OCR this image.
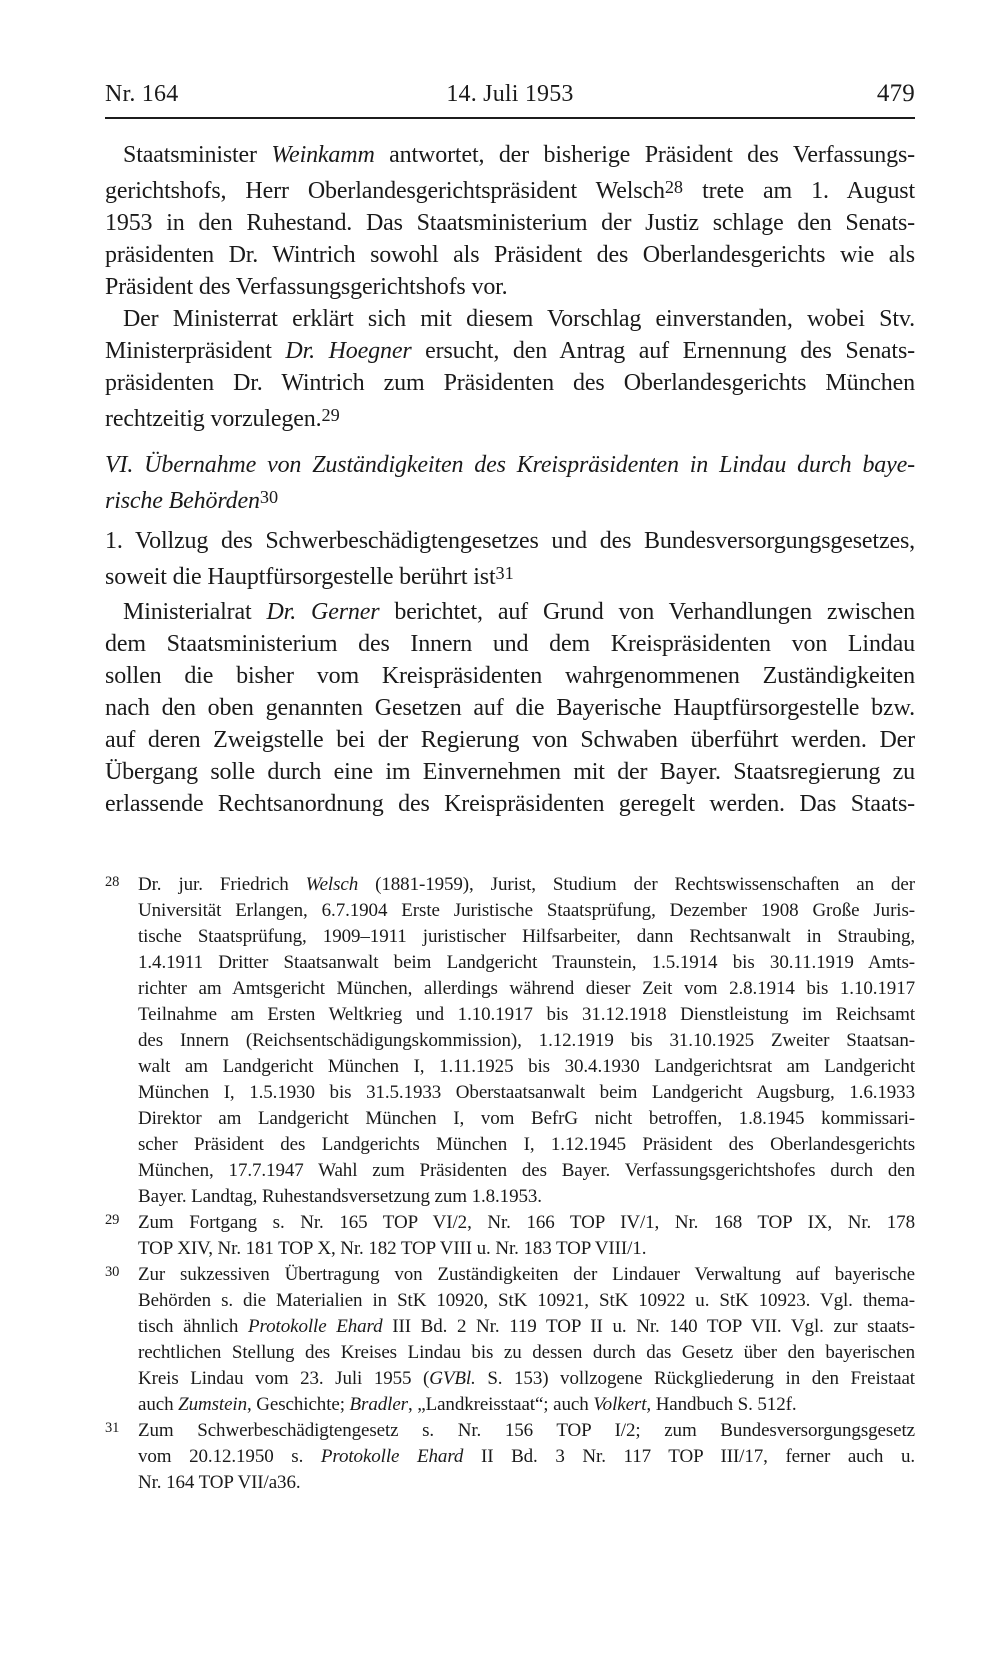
Nr. 164	14. Juli 1953	479
Staatsminister Weinkamm antwortet, der bisherige Präsident des Verfassungs-
gerichtshofs, Herr Oberlandesgerichtspräsident Welsch$^{28}$ trete am 1. August
1953 in den Ruhestand. Das Staatsministerium der Justiz schlage den Senats-
präsidenten Dr. Wintrich sowohl als Präsident des Oberlandesgerichts wie als
Präsident des Verfassungsgerichtshofs vor.
Der Ministerrat erklärt sich mit diesem Vorschlag einverstanden, wobei Stv.
Ministerpräsident Dr. Hoegner ersucht, den Antrag auf Ernennung des Senats-
präsidenten Dr. Wintrich zum Präsidenten des Oberlandesgerichts München
rechtzeitig vorzulegen.$^{29}$
VI. Übernahme von Zuständigkeiten des Kreispräsidenten in Lindau durch baye-
rische Behörden$^{30}$
1. Vollzug des Schwerbeschädigtengesetzes und des Bundesversorgungsgesetzes,
soweit die Hauptfürsorgestelle berührt ist$^{31}$
Ministerialrat Dr. Gerner berichtet, auf Grund von Verhandlungen zwischen
dem Staatsministerium des Innern und dem Kreispräsidenten von Lindau
sollen die bisher vom Kreispräsidenten wahrgenommenen Zuständigkeiten
nach den oben genannten Gesetzen auf die Bayerische Hauptfürsorgestelle bzw.
auf deren Zweigstelle bei der Regierung von Schwaben überführt werden. Der
Übergang solle durch eine im Einvernehmen mit der Bayer. Staatsregierung zu
erlassende Rechtsanordnung des Kreispräsidenten geregelt werden. Das Staats-
28 Dr. jur. Friedrich Welsch (1881-1959), Jurist, Studium der Rechtswissenschaften an der
Universität Erlangen, 6.7.1904 Erste Juristische Staatsprüfung, Dezember 1908 Große Juris-
tische Staatsprüfung, 1909–1911 juristischer Hilfsarbeiter, dann Rechtsanwalt in Straubing,
1.4.1911 Dritter Staatsanwalt beim Landgericht Traunstein, 1.5.1914 bis 30.11.1919 Amts-
richter am Amtsgericht München, allerdings während dieser Zeit vom 2.8.1914 bis 1.10.1917
Teilnahme am Ersten Weltkrieg und 1.10.1917 bis 31.12.1918 Dienstleistung im Reichsamt
des Innern (Reichsentschädigungskommission), 1.12.1919 bis 31.10.1925 Zweiter Staatsan-
walt am Landgericht München I, 1.11.1925 bis 30.4.1930 Landgerichtsrat am Landgericht
München I, 1.5.1930 bis 31.5.1933 Oberstaatsanwalt beim Landgericht Augsburg, 1.6.1933
Direktor am Landgericht München I, vom BefrG nicht betroffen, 1.8.1945 kommissari-
scher Präsident des Landgerichts München I, 1.12.1945 Präsident des Oberlandesgerichts
München, 17.7.1947 Wahl zum Präsidenten des Bayer. Verfassungsgerichtshofes durch den
Bayer. Landtag, Ruhestandsversetzung zum 1.8.1953.
29 Zum Fortgang s. Nr. 165 TOP VI/2, Nr. 166 TOP IV/1, Nr. 168 TOP IX, Nr. 178
TOP XIV, Nr. 181 TOP X, Nr. 182 TOP VIII u. Nr. 183 TOP VIII/1.
30 Zur sukzessiven Übertragung von Zuständigkeiten der Lindauer Verwaltung auf bayerische
Behörden s. die Materialien in StK 10920, StK 10921, StK 10922 u. StK 10923. Vgl. thema-
tisch ähnlich Protokolle Ehard III Bd. 2 Nr. 119 TOP II u. Nr. 140 TOP VII. Vgl. zur staats-
rechtlichen Stellung des Kreises Lindau bis zu dessen durch das Gesetz über den bayerischen
Kreis Lindau vom 23. Juli 1955 (GVBl. S. 153) vollzogene Rückgliederung in den Freistaat
auch Zumstein, Geschichte; Bradler, „Landkreisstaat“; auch Volkert, Handbuch S. 512f.
31 Zum Schwerbeschädigtengesetz s. Nr. 156 TOP I/2; zum Bundesversorgungsgesetz
vom 20.12.1950 s. Protokolle Ehard II Bd. 3 Nr. 117 TOP III/17, ferner auch u.
Nr. 164 TOP VII/a36.
